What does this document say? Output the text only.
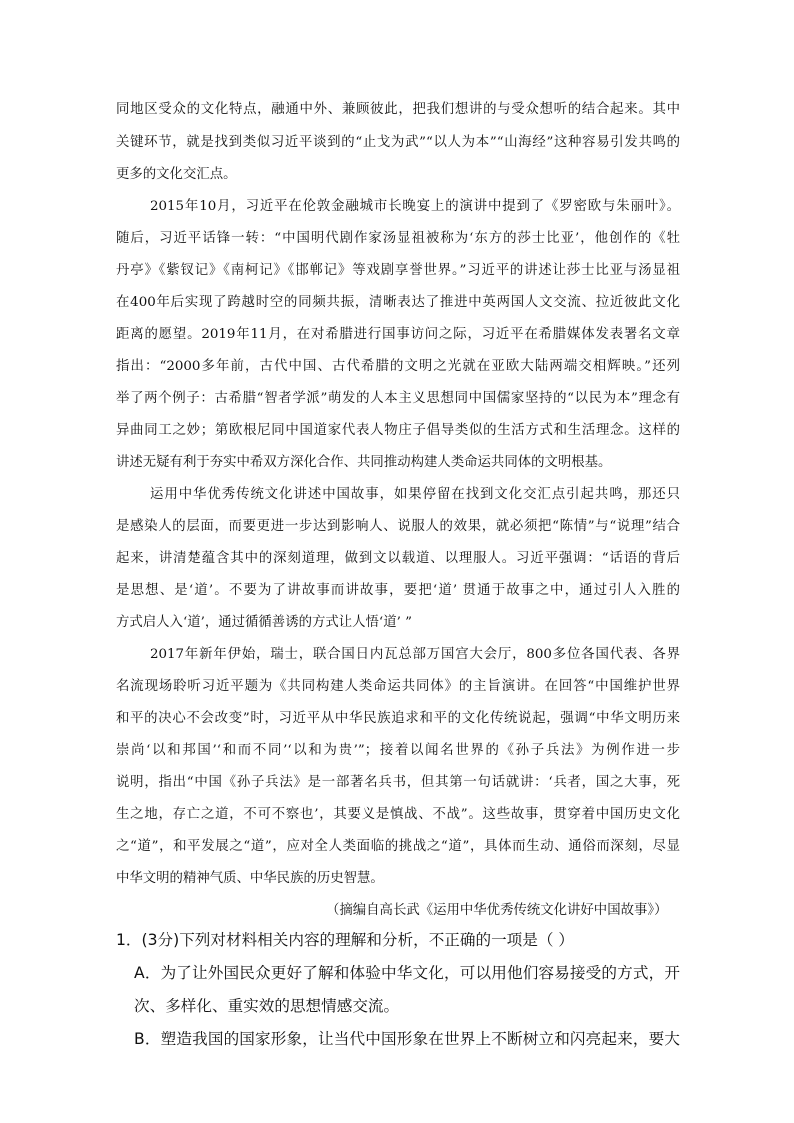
同地区受众的文化特点，融通中外、兼顾彼此，把我们想讲的与受众想听的结合起来。其中
关键环节，就是找到类似习近平谈到的“止戈为武”“以人为本”“山海经”这种容易引发共鸣的
更多的文化交汇点。
2015年10月，习近平在伦敦金融城市长晚宴上的演讲中提到了《罗密欧与朱丽叶》。
随后，习近平话锋一转：“中国明代剧作家汤显祖被称为‘东方的莎士比亚’，他创作的《牡
丹亭》《紫钗记》《南柯记》《邯郸记》等戏剧享誉世界。”习近平的讲述让莎士比亚与汤显祖
在400年后实现了跨越时空的同频共振，清晰表达了推进中英两国人文交流、拉近彼此文化
距离的愿望。2019年11月，在对希腊进行国事访问之际，习近平在希腊媒体发表署名文章
指出：“2000多年前，古代中国、古代希腊的文明之光就在亚欧大陆两端交相辉映。”还列
举了两个例子：古希腊“智者学派”萌发的人本主义思想同中国儒家坚持的“以民为本”理念有
异曲同工之妙；第欧根尼同中国道家代表人物庄子倡导类似的生活方式和生活理念。这样的
讲述无疑有利于夯实中希双方深化合作、共同推动构建人类命运共同体的文明根基。
运用中华优秀传统文化讲述中国故事，如果停留在找到文化交汇点引起共鸣，那还只
是感染人的层面，而要更进一步达到影响人、说服人的效果，就必须把“陈情”与“说理”结合
起来，讲清楚蕴含其中的深刻道理，做到文以载道、以理服人。习近平强调：“话语的背后
是思想、是‘道’。不要为了讲故事而讲故事，要把‘道’ 贯通于故事之中，通过引人入胜的
方式启人入‘道’，通过循循善诱的方式让人悟‘道’ ”
2017年新年伊始，瑞士，联合国日内瓦总部万国宫大会厅，800多位各国代表、各界
名流现场聆听习近平题为《共同构建人类命运共同体》的主旨演讲。在回答“中国维护世界
和平的决心不会改变”时，习近平从中华民族追求和平的文化传统说起，强调“中华文明历来
崇尚‘以和邦国’‘和而不同’‘以和为贵’”；接着以闻名世界的《孙子兵法》为例作进一步
说明，指出“中国《孙子兵法》是一部著名兵书，但其第一句话就讲：‘兵者，国之大事，死
生之地，存亡之道，不可不察也’，其要义是慎战、不战”。这些故事，贯穿着中国历史文化
之“道”，和平发展之“道”，应对全人类面临的挑战之“道”，具体而生动、通俗而深刻，尽显
中华文明的精神气质、中华民族的历史智慧。
（摘编自高长武《运用中华优秀传统文化讲好中国故事》）
1．(3分)下列对材料相关内容的理解和分析，不正确的一项是（ ）
A．为了让外国民众更好了解和体验中华文化，可以用他们容易接受的方式，开
次、多样化、重实效的思想情感交流。
B．塑造我国的国家形象，让当代中国形象在世界上不断树立和闪亮起来，要大
